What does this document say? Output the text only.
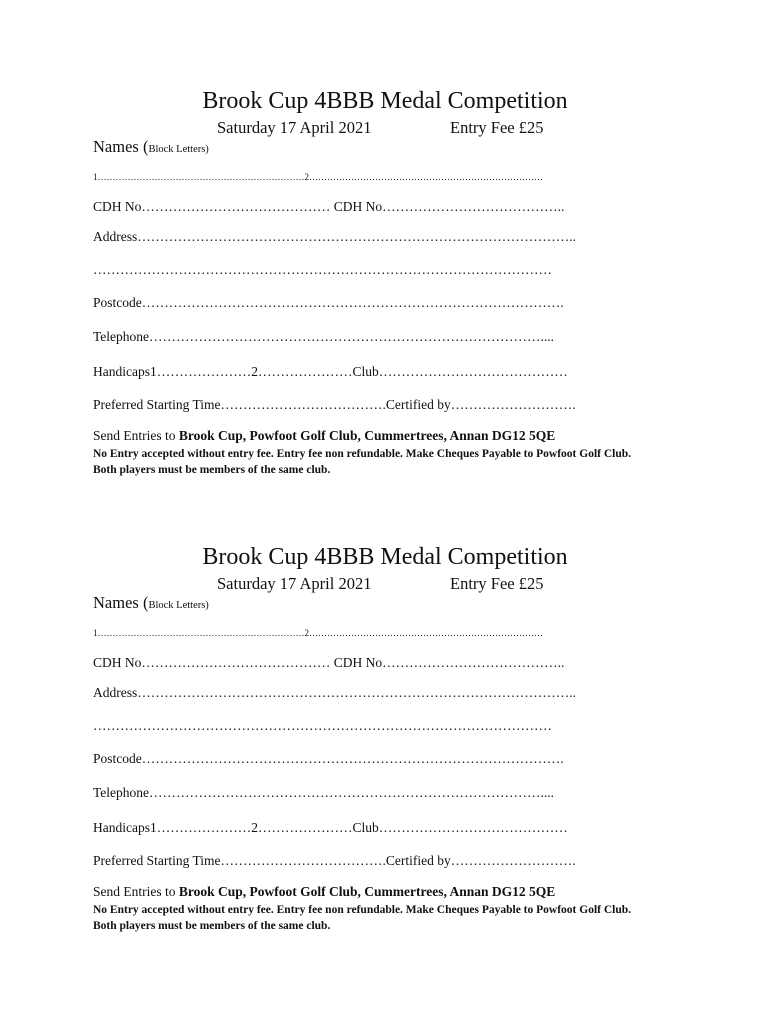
Brook Cup 4BBB Medal Competition
Saturday 17 April 2021	Entry Fee £25
Names (Block Letters)
1……………………………………………………………2……………………………………………………………………
CDH No…………………………………… CDH No…………………………………..
Address……………………………………………………………………………………..
…………………………………………………………………………………………
Postcode………………………………………………………………………………….
Telephone……………………………………………………………………………....
Handicaps1…………………2…………………Club……………………………………
Preferred Starting Time……………………………….Certified by……………………….
Send Entries to Brook Cup, Powfoot Golf Club, Cummertrees, Annan DG12 5QE
No Entry accepted without entry fee. Entry fee non refundable. Make Cheques Payable to Powfoot Golf Club. Both players must be members of the same club.
Brook Cup 4BBB Medal Competition
Saturday 17 April 2021	Entry Fee £25
Names (Block Letters)
1……………………………………………………………2……………………………………………………………………
CDH No…………………………………… CDH No…………………………………..
Address……………………………………………………………………………………..
…………………………………………………………………………………………
Postcode………………………………………………………………………………….
Telephone……………………………………………………………………………....
Handicaps1…………………2…………………Club……………………………………
Preferred Starting Time……………………………….Certified by……………………….
Send Entries to Brook Cup, Powfoot Golf Club, Cummertrees, Annan DG12 5QE
No Entry accepted without entry fee. Entry fee non refundable. Make Cheques Payable to Powfoot Golf Club. Both players must be members of the same club.
